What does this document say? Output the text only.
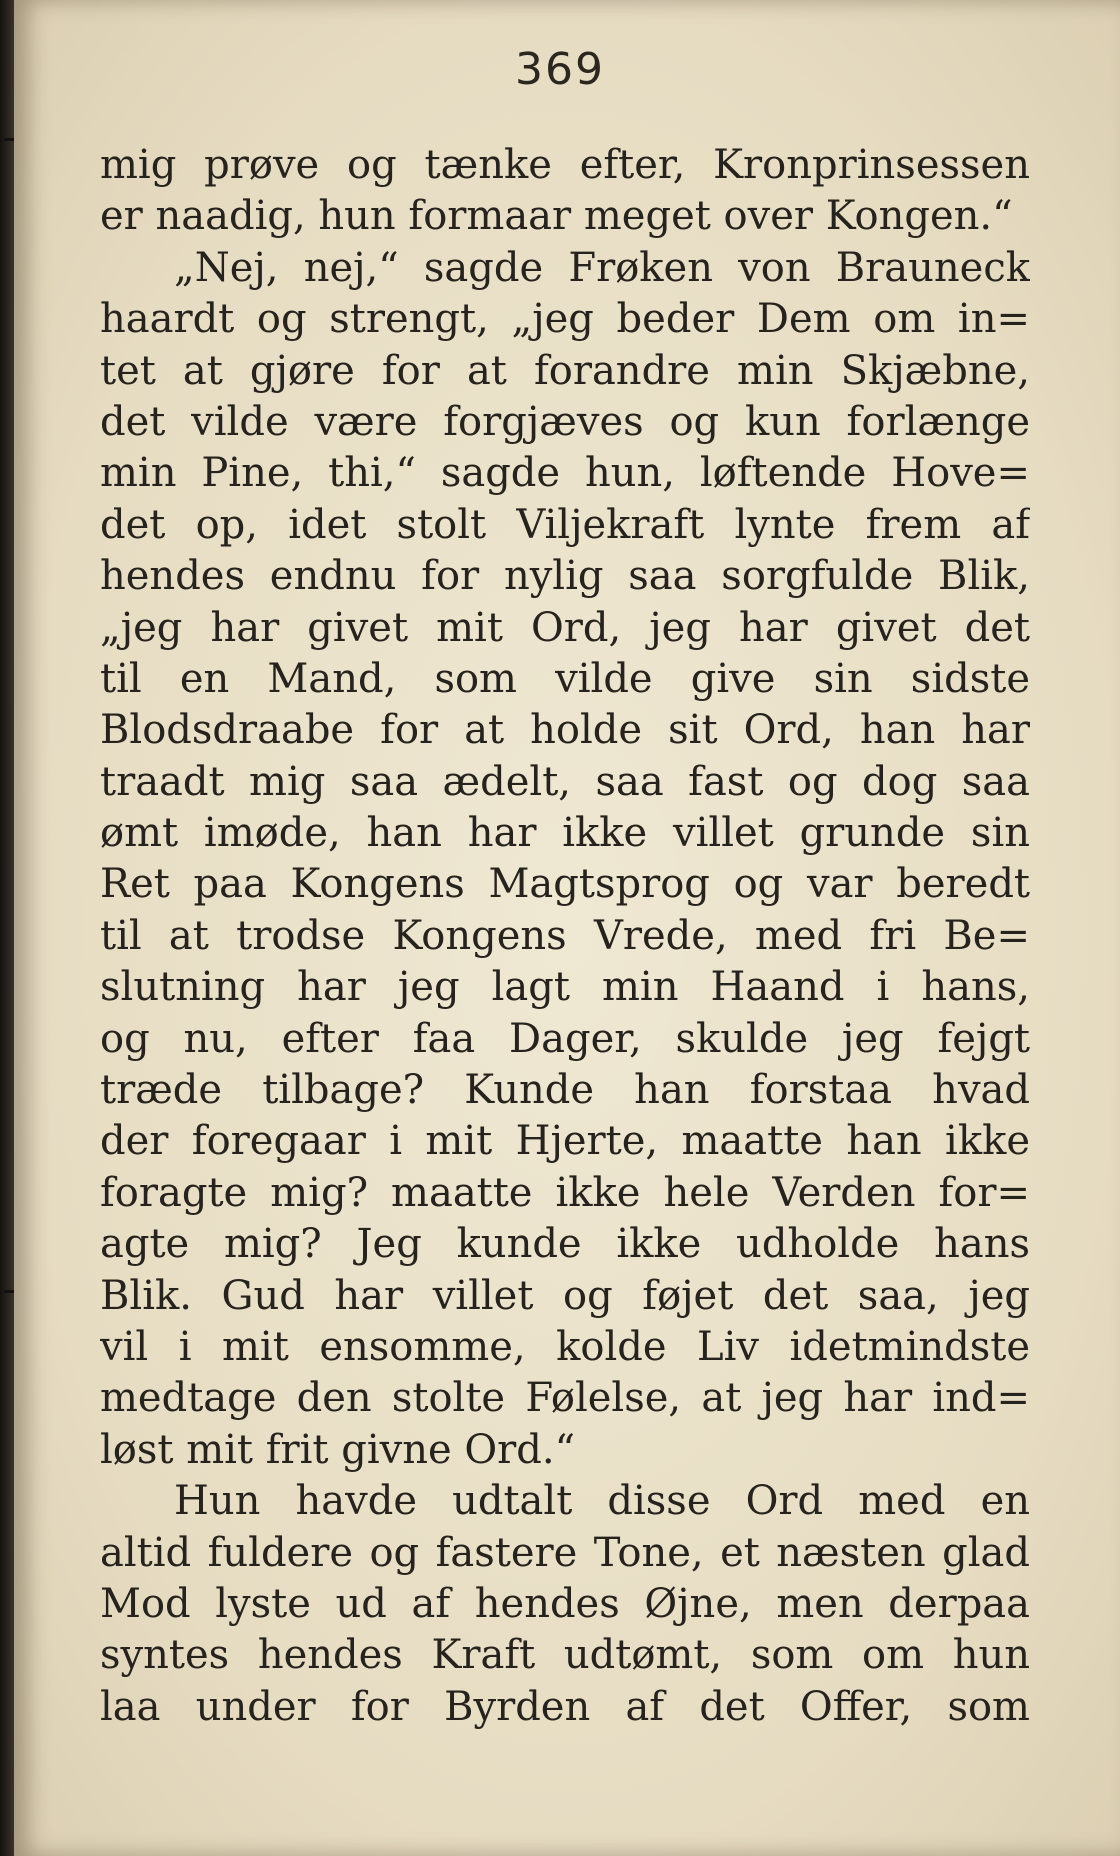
369
mig prøve og tænke efter, Kronprinsessen
er naadig, hun formaar meget over Kongen.“
„Nej, nej,“ sagde Frøken von Brauneck
haardt og strengt, „jeg beder Dem om in=
tet at gjøre for at forandre min Skjæbne,
det vilde være forgjæves og kun forlænge
min Pine, thi,“ sagde hun, løftende Hove=
det op, idet stolt Viljekraft lynte frem af
hendes endnu for nylig saa sorgfulde Blik,
„jeg har givet mit Ord, jeg har givet det
til en Mand, som vilde give sin sidste
Blodsdraabe for at holde sit Ord, han har
traadt mig saa ædelt, saa fast og dog saa
ømt imøde, han har ikke villet grunde sin
Ret paa Kongens Magtsprog og var beredt
til at trodse Kongens Vrede, med fri Be=
slutning har jeg lagt min Haand i hans,
og nu, efter faa Dager, skulde jeg fejgt
træde tilbage? Kunde han forstaa hvad
der foregaar i mit Hjerte, maatte han ikke
foragte mig? maatte ikke hele Verden for=
agte mig? Jeg kunde ikke udholde hans
Blik. Gud har villet og føjet det saa, jeg
vil i mit ensomme, kolde Liv idetmindste
medtage den stolte Følelse, at jeg har ind=
løst mit frit givne Ord.“
Hun havde udtalt disse Ord med en
altid fuldere og fastere Tone, et næsten glad
Mod lyste ud af hendes Øjne, men derpaa
syntes hendes Kraft udtømt, som om hun
laa under for Byrden af det Offer, som
